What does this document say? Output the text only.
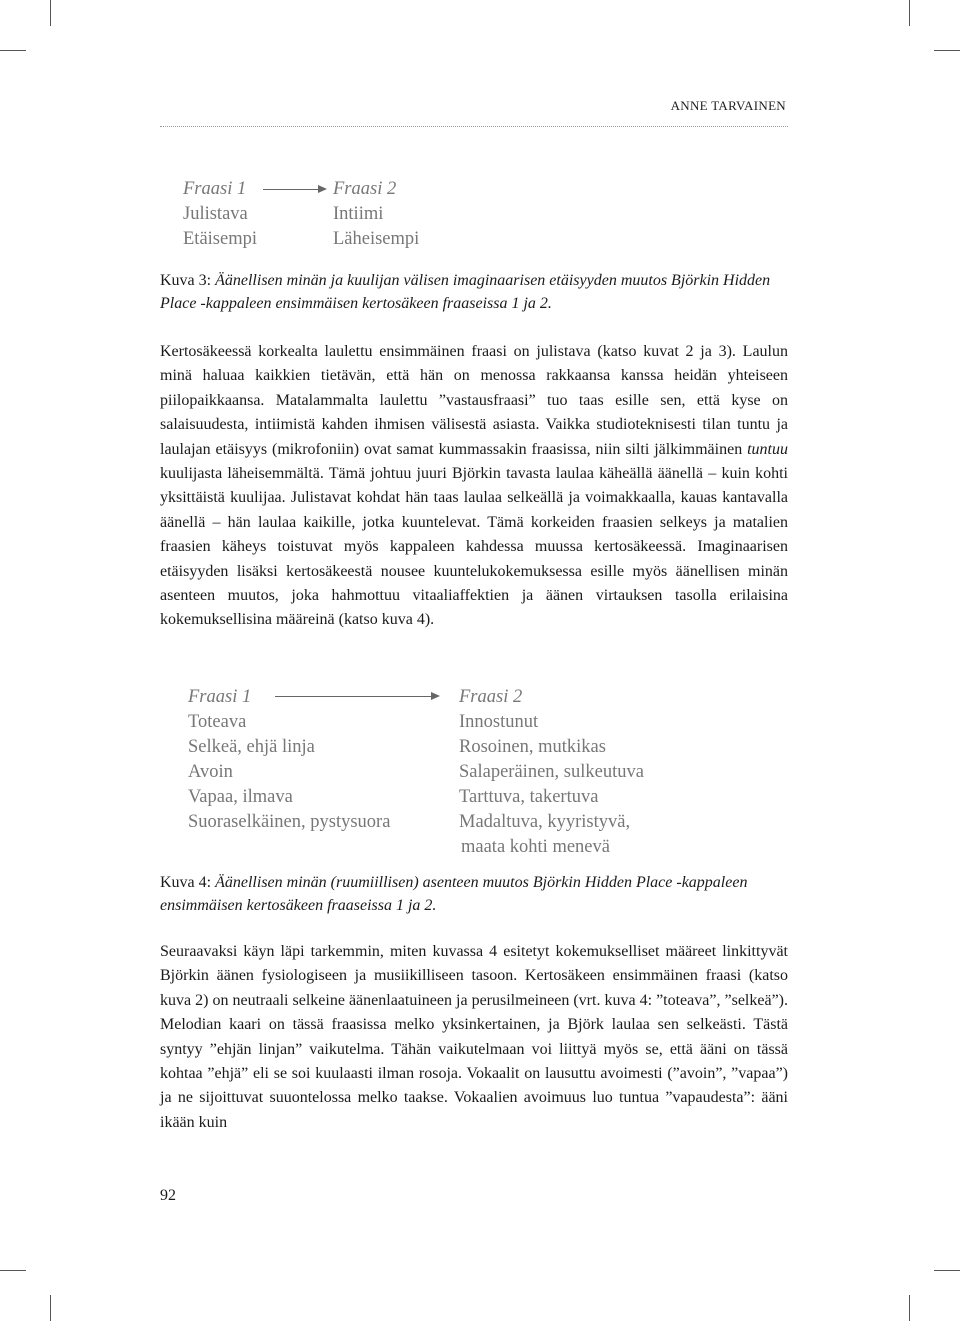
ANNE TARVAINEN
Fraasi 1
Julistava
Etäisempi
Fraasi 2
Intiimi
Läheisempi
Kuva 3: Äänellisen minän ja kuulijan välisen imaginaarisen etäisyyden muutos Björkin Hidden Place -kappaleen ensimmäisen kertosäkeen fraaseissa 1 ja 2.
Kertosäkeessä korkealta laulettu ensimmäinen fraasi on julistava (katso kuvat 2 ja 3). Laulun minä haluaa kaikkien tietävän, että hän on menossa rakkaansa kanssa heidän yhteiseen piilopaikkaansa. Matalammalta laulettu ”vastausfraasi” tuo taas esille sen, että kyse on salaisuudesta, intiimistä kahden ihmisen välisestä asiasta. Vaikka studioteknisesti tilan tuntu ja laulajan etäisyys (mikrofoniin) ovat samat kummassakin fraasissa, niin silti jälkimmäinen tuntuu kuulijasta läheisemmältä. Tämä johtuu juuri Björkin tavasta laulaa käheällä äänellä – kuin kohti yksittäistä kuulijaa. Julistavat kohdat hän taas laulaa selkeällä ja voimakkaalla, kauas kantavalla äänellä – hän laulaa kaikille, jotka kuuntelevat. Tämä korkeiden fraasien selkeys ja matalien fraasien käheys toistuvat myös kappaleen kahdessa muussa kertosäkeessä. Imaginaarisen etäisyyden lisäksi kertosäkeestä nousee kuuntelukokemuksessa esille myös äänellisen minän asenteen muutos, joka hahmottuu vitaaliaffektien ja äänen virtauksen tasolla erilaisina kokemuksellisina määreinä (katso kuva 4).
Fraasi 1
Toteava
Selkeä, ehjä linja
Avoin
Vapaa, ilmava
Suoraselkäinen, pystysuora
Fraasi 2
Innostunut
Rosoinen, mutkikas
Salaperäinen, sulkeutuva
Tarttuva, takertuva
Madaltuva, kyyristyvä,
maata kohti menevä
Kuva 4: Äänellisen minän (ruumiillisen) asenteen muutos Björkin Hidden Place -kappaleen ensimmäisen kertosäkeen fraaseissa 1 ja 2.
Seuraavaksi käyn läpi tarkemmin, miten kuvassa 4 esitetyt kokemukselliset määreet linkittyvät Björkin äänen fysiologiseen ja musiikilliseen tasoon. Kertosäkeen ensimmäinen fraasi (katso kuva 2) on neutraali selkeine äänenlaatuineen ja perusilmeineen (vrt. kuva 4: ”toteava”, ”selkeä”). Melodian kaari on tässä fraasissa melko yksinkertainen, ja Björk laulaa sen selkeästi. Tästä syntyy ”ehjän linjan” vaikutelma. Tähän vaikutelmaan voi liittyä myös se, että ääni on tässä kohtaa ”ehjä” eli se soi kuulaasti ilman rosoja. Vokaalit on lausuttu avoimesti (”avoin”, ”vapaa”) ja ne sijoittuvat suuontelossa melko taakse. Vokaalien avoimuus luo tuntua ”vapaudesta”: ääni ikään kuin
92
